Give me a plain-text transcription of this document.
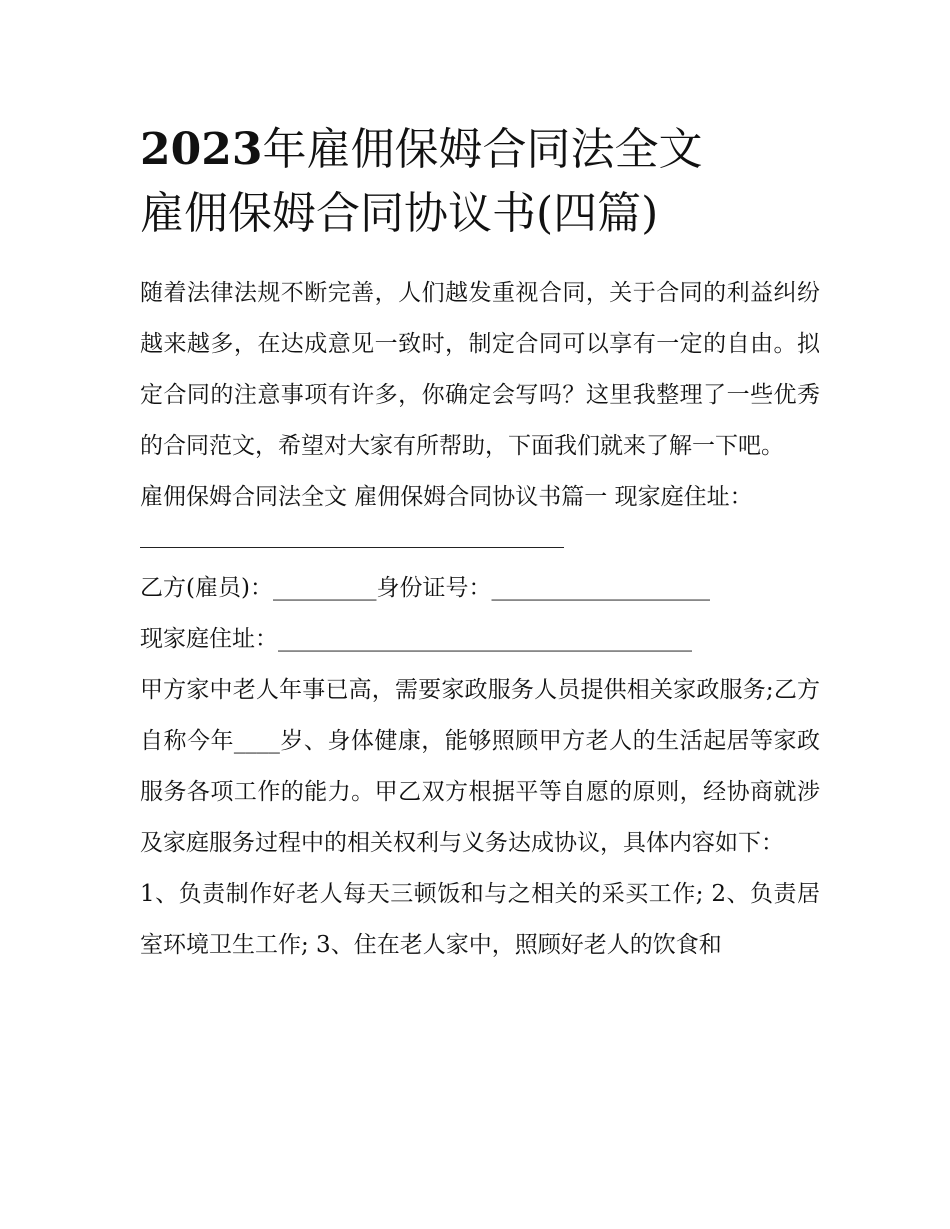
2023年雇佣保姆合同法全文
雇佣保姆合同协议书(四篇)

随着法律法规不断完善，人们越发重视合同，关于合同的利益纠纷越来越多，在达成意见一致时，制定合同可以享有一定的自由。拟定合同的注意事项有许多，你确定会写吗？这里我整理了一些优秀的合同范文，希望对大家有所帮助，下面我们就来了解一下吧。

雇佣保姆合同法全文 雇佣保姆合同协议书篇一 现家庭住址：

乙方(雇员)：_________身份证号：___________________

现家庭住址：____________________________________

甲方家中老人年事已高，需要家政服务人员提供相关家政服务;乙方自称今年____岁、身体健康，能够照顾甲方老人的生活起居等家政服务各项工作的能力。甲乙双方根据平等自愿的原则，经协商就涉及家庭服务过程中的相关权利与义务达成协议，具体内容如下：

1、负责制作好老人每天三顿饭和与之相关的采买工作; 2、负责居室环境卫生工作; 3、住在老人家中，照顾好老人的饮食和
